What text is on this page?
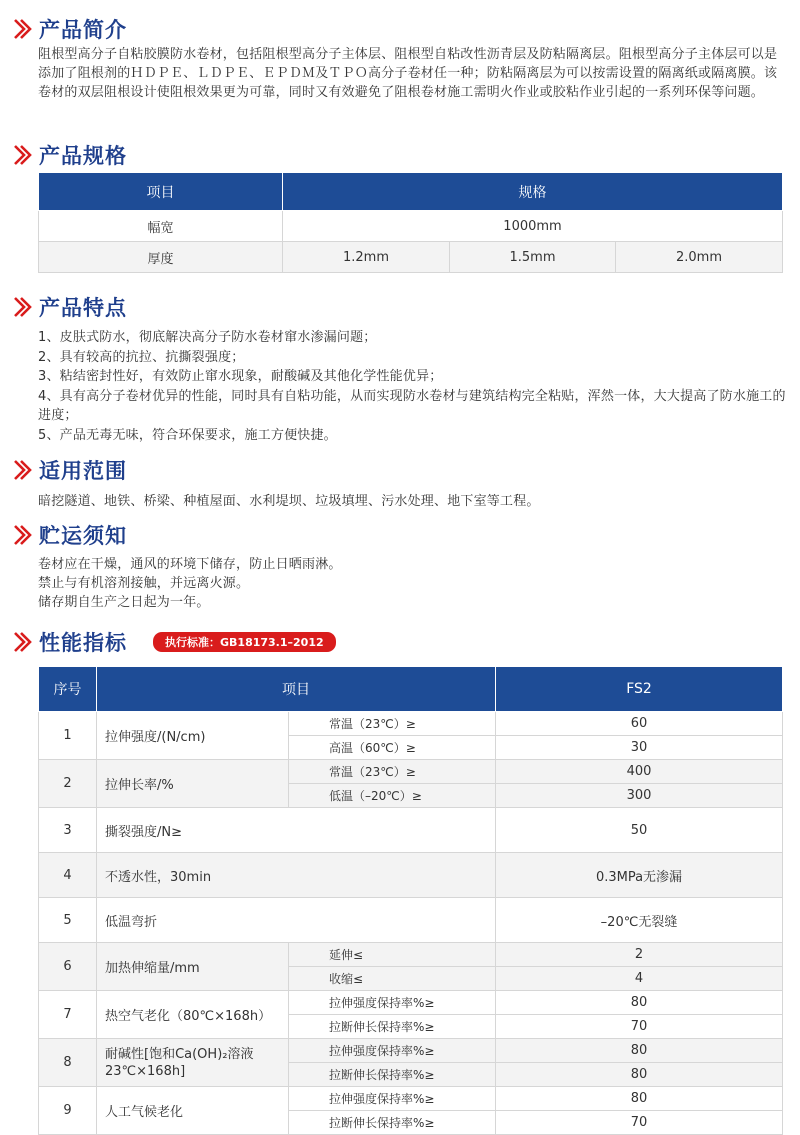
产品简介

阻根型高分子自粘胶膜防水卷材，包括阻根型高分子主体层、阻根型自粘改性沥青层及防粘隔离层。阻根型高分子主体层可以是添加了阻根剂的ＨＤＰＥ、ＬＤＰＥ、ＥＰＤＭ及ＴＰＯ高分子卷材任一种；防粘隔离层为可以按需设置的隔离纸或隔离膜。该卷材的双层阻根设计使阻根效果更为可靠，同时又有效避免了阻根卷材施工需明火作业或胶粘作业引起的一系列环保等问题。

产品规格
项目	规格		
幅宽	1000mm		
厚度	1.2mm	1.5mm	2.0mm
产品特点

1、皮肤式防水，彻底解决高分子防水卷材窜水渗漏问题；

2、具有较高的抗拉、抗撕裂强度；

3、粘结密封性好，有效防止窜水现象，耐酸碱及其他化学性能优异；

4、具有高分子卷材优异的性能，同时具有自粘功能，从而实现防水卷材与建筑结构完全粘贴，浑然一体，大大提高了防水施工的进度；

5、产品无毒无味，符合环保要求，施工方便快捷。

适用范围

暗挖隧道、地铁、桥梁、种植屋面、水利堤坝、垃圾填埋、污水处理、地下室等工程。

贮运须知

卷材应在干燥，通风的环境下储存，防止日晒雨淋。

禁止与有机溶剂接触，并远离火源。

储存期自生产之日起为一年。

性能指标	执行标准：GB18173.1–2012
序号	项目		FS2
1	拉伸强度/(N/cm)	常温（23℃）≥	60
		高温（60℃）≥	30
2	拉伸长率/%	常温（23℃）≥	400
		低温（–20℃）≥	300
3	撕裂强度/N≥		50
4	不透水性，30min		0.3MPa无渗漏
5	低温弯折		–20℃无裂缝
6	加热伸缩量/mm	延伸≤	2
		收缩≤	4
7	热空气老化（80℃×168h）	拉伸强度保持率%≥	80
		拉断伸长保持率%≥	70
8	耐碱性[饱和Ca(OH)₂溶液23℃×168h]	拉伸强度保持率%≥	80
		拉断伸长保持率%≥	80
9	人工气候老化	拉伸强度保持率%≥	80
		拉断伸长保持率%≥	70
